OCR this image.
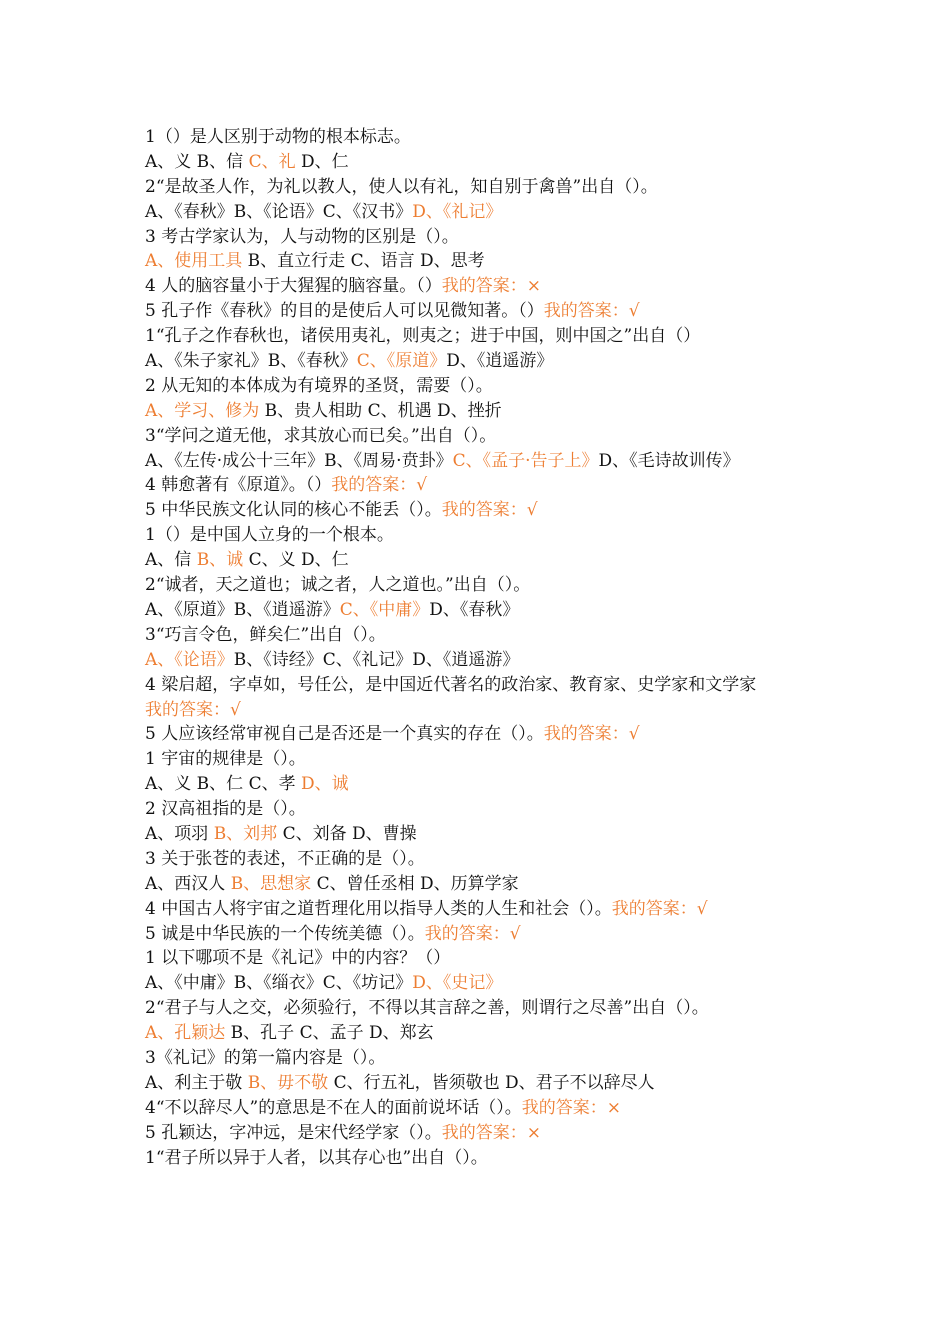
1（）是人区别于动物的根本标志。
A、义 B、信 C、礼 D、仁
2“是故圣人作，为礼以教人，使人以有礼，知自别于禽兽”出自（）。
A、《春秋》B、《论语》C、《汉书》D、《礼记》
3 考古学家认为，人与动物的区别是（）。
A、使用工具 B、直立行走 C、语言 D、思考
4 人的脑容量小于大猩猩的脑容量。（）我的答案：×
5 孔子作《春秋》的目的是使后人可以见微知著。（）我的答案：√
1“孔子之作春秋也，诸侯用夷礼，则夷之；进于中国，则中国之”出自（）
A、《朱子家礼》B、《春秋》C、《原道》D、《逍遥游》
2 从无知的本体成为有境界的圣贤，需要（）。
A、学习、修为 B、贵人相助 C、机遇 D、挫折
3“学问之道无他，求其放心而已矣。”出自（）。
A、《左传·成公十三年》B、《周易·贲卦》C、《孟子·告子上》D、《毛诗故训传》
4 韩愈著有《原道》。（）我的答案：√
5 中华民族文化认同的核心不能丢（）。我的答案：√
1（）是中国人立身的一个根本。
A、信 B、诚 C、义 D、仁
2“诚者，天之道也；诚之者，人之道也。”出自（）。
A、《原道》B、《逍遥游》C、《中庸》D、《春秋》
3“巧言令色，鲜矣仁”出自（）。
A、《论语》B、《诗经》C、《礼记》D、《逍遥游》
4 梁启超，字卓如，号任公，是中国近代著名的政治家、教育家、史学家和文学家
我的答案：√
5 人应该经常审视自己是否还是一个真实的存在（）。我的答案：√
1 宇宙的规律是（）。
A、义 B、仁 C、孝 D、诚
2 汉高祖指的是（）。
A、项羽 B、刘邦 C、刘备 D、曹操
3 关于张苍的表述，不正确的是（）。
A、西汉人 B、思想家 C、曾任丞相 D、历算学家
4 中国古人将宇宙之道哲理化用以指导人类的人生和社会（）。我的答案：√
5 诚是中华民族的一个传统美德（）。我的答案：√
1 以下哪项不是《礼记》中的内容？（）
A、《中庸》B、《缁衣》C、《坊记》D、《史记》
2“君子与人之交，必须验行，不得以其言辞之善，则谓行之尽善”出自（）。
A、孔颖达 B、孔子 C、孟子 D、郑玄
3《礼记》的第一篇内容是（）。
A、利主于敬 B、毋不敬 C、行五礼，皆须敬也 D、君子不以辞尽人
4“不以辞尽人”的意思是不在人的面前说坏话（）。我的答案：×
5 孔颖达，字冲远，是宋代经学家（）。我的答案：×
1“君子所以异于人者，以其存心也”出自（）。
